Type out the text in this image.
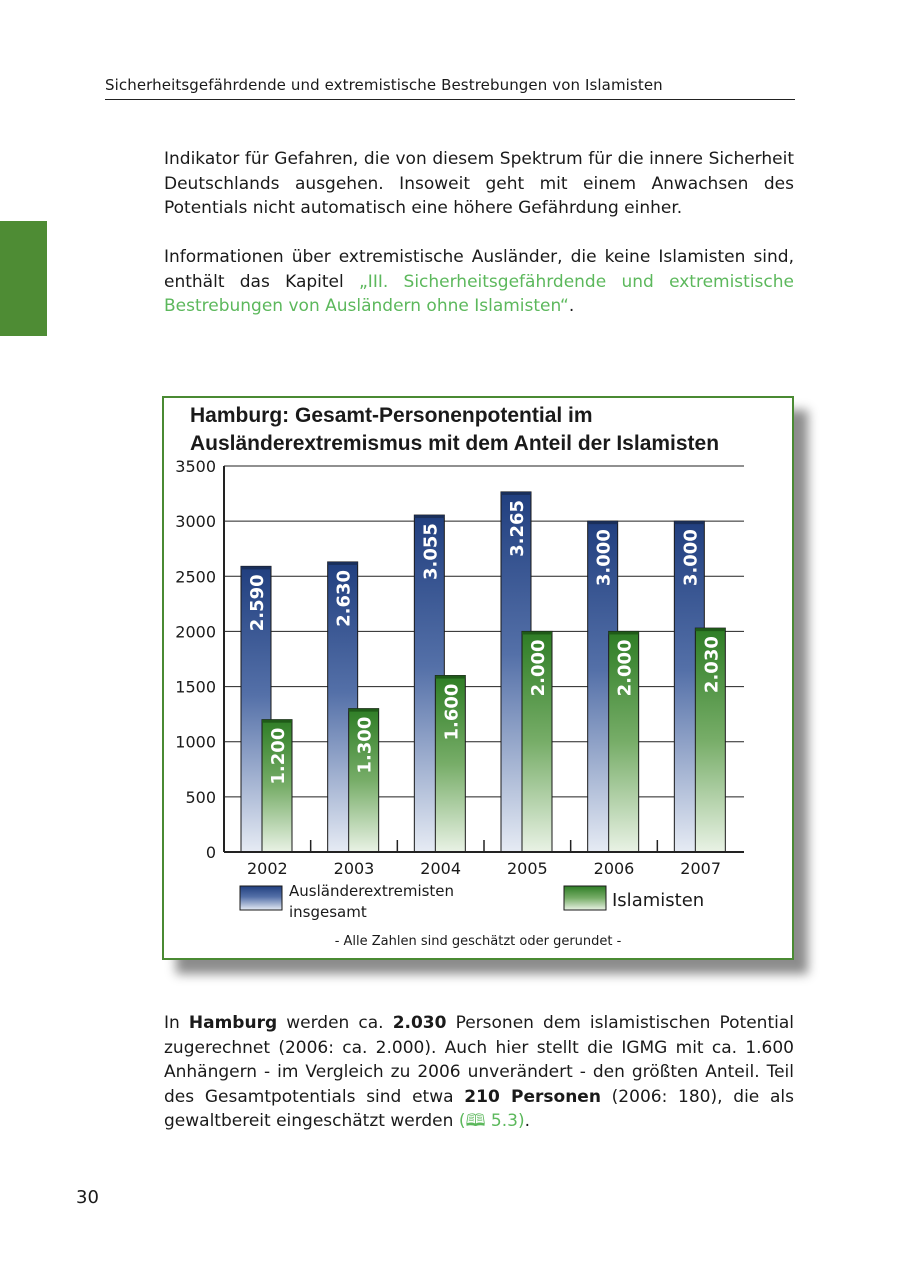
Sicherheitsgefährdende und extremistische Bestrebungen von Islamisten

Indikator für Gefahren, die von diesem Spektrum für die innere Sicherheit Deutschlands ausgehen. Insoweit geht mit einem Anwachsen des Potentials nicht automatisch eine höhere Gefährdung einher.

Informationen über extremistische Ausländer, die keine Islamisten sind, enthält das Kapitel „III. Sicherheitsgefährdende und extremistische Bestrebungen von Ausländern ohne Islamisten“.

Hamburg: Gesamt-Personenpotential im
Ausländerextremismus mit dem Anteil der Islamisten
2.590
1.200
2.630
1.300
3.055
1.600
3.265
2.000
3.000
2.000
3.000
2.030
0
500
1000
1500
2000
2500
3000
3500
2002	2003	2004	2005	2006	2007
Ausländerextremisten
insgesamt
Islamisten
- Alle Zahlen sind geschätzt oder gerundet -

In Hamburg werden ca. 2.030 Personen dem islamistischen Potential zugerechnet (2006: ca. 2.000). Auch hier stellt die IGMG mit ca. 1.600 Anhängern - im Vergleich zu 2006 unverändert - den größten Anteil. Teil des Gesamtpotentials sind etwa 210 Personen (2006: 180), die als gewaltbereit eingeschätzt werden (🕮 5.3).

30
